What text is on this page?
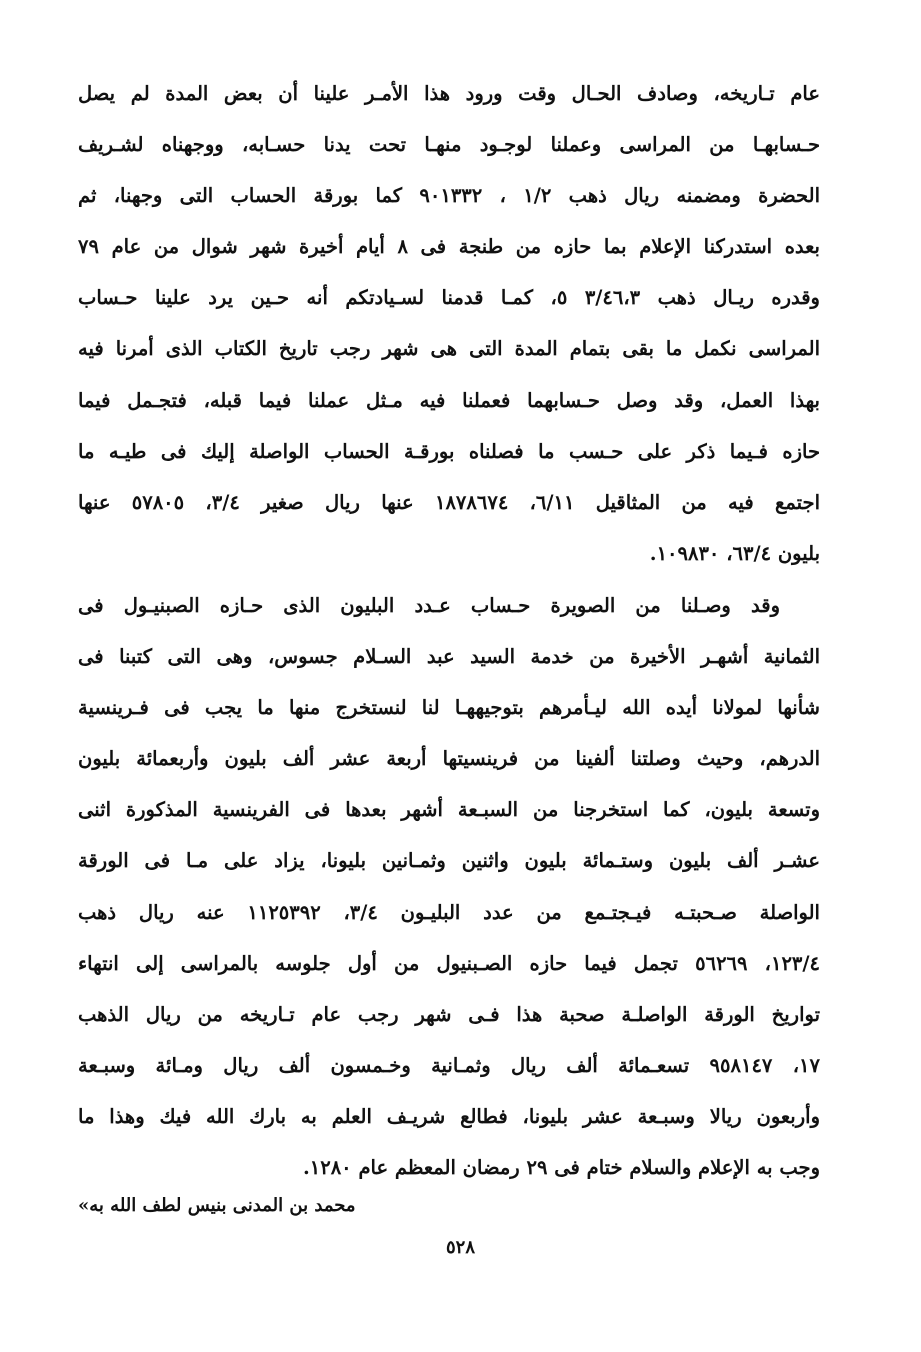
عام تـاريخه، وصادف الحـال وقت ورود هذا الأمـر علينا أن بعض المدة لم يصل
حـسابهـا من المراسى وعملنا لوجـود منهـا تحت يدنا حسـابه، ووجهناه لشـريف
الحضرة ومضمنه ريال ذهب ١/٢ ، ٩٠١٣٣٢ كما بورقة الحساب التى وجهنا، ثم
بعده استدركنا الإعلام بما حازه من طنجة فى ٨ أيام أخيرة شهر شوال من عام ٧٩
وقدره ريـال ذهب ٣/٤٦،٣ ٥، كمـا قدمنا لسـيادتكم أنه حـين يرد علينا حـساب
المراسى نكمل ما بقى بتمام المدة التى هى شهر رجب تاريخ الكتاب الذى أمرنا فيه
بهذا العمل، وقد وصل حـسابهما فعملنا فيه مـثل عملنا فيما قبله، فتجـمل فيما
حازه فـيما ذكر على حـسب ما فصلناه بورقـة الحساب الواصلة إليك فى طيـه ما
اجتمع فيه من المثاقيل ٦/١١، ١٨٧٨٦٧٤ عنها ريال صغير ٣/٤، ٥٧٨٠٥ عنها
بليون ٦٣/٤، ١٠٩٨٣٠.
وقد وصـلنا من الصويرة حـساب عـدد البليون الذى حـازه الصبنيـول فى
الثمانية أشهـر الأخيرة من خدمة السيد عبد السـلام جسوس، وهى التى كتبنا فى
شأنها لمولانا أيده الله ليـأمرهم بتوجيههـا لنا لنستخرج منها ما يجب فى فـرينسية
الدرهم، وحيث وصلتنا ألفينا من فرينسيتها أربعة عشر ألف بليون وأربعمائة بليون
وتسعة بليون، كما استخرجنا من السبـعة أشهر بعدها فى الفرينسية المذكورة اثنى
عشـر ألف بليون وستـمائة بليون واثنين وثمـانين بليونا، يزاد على مـا فى الورقة
الواصلة صـحبتـه فيـجتـمع من عدد البليـون ٣/٤، ١١٢٥٣٩٢ عنه ريال ذهب
١٢٣/٤، ٥٦٢٦٩ تجمل فيما حازه الصـبنيول من أول جلوسه بالمراسى إلى انتهاء
تواريخ الورقة الواصلـة صحبة هذا فـى شهر رجب عام تـاريخه من ريال الذهب
١٧، ٩٥٨١٤٧ تسعـمائة ألف ريال وثمـانية وخـمسون ألف ريال ومـائة وسبـعة
وأربعون ريالا وسبـعة عشر بليونا، فطالع شريـف العلم به بارك الله فيك وهذا ما
وجب به الإعلام والسلام ختام فى ٢٩ رمضان المعظم عام ١٢٨٠.
محمد بن المدنى بنيس لطف الله به»
٥٢٨
